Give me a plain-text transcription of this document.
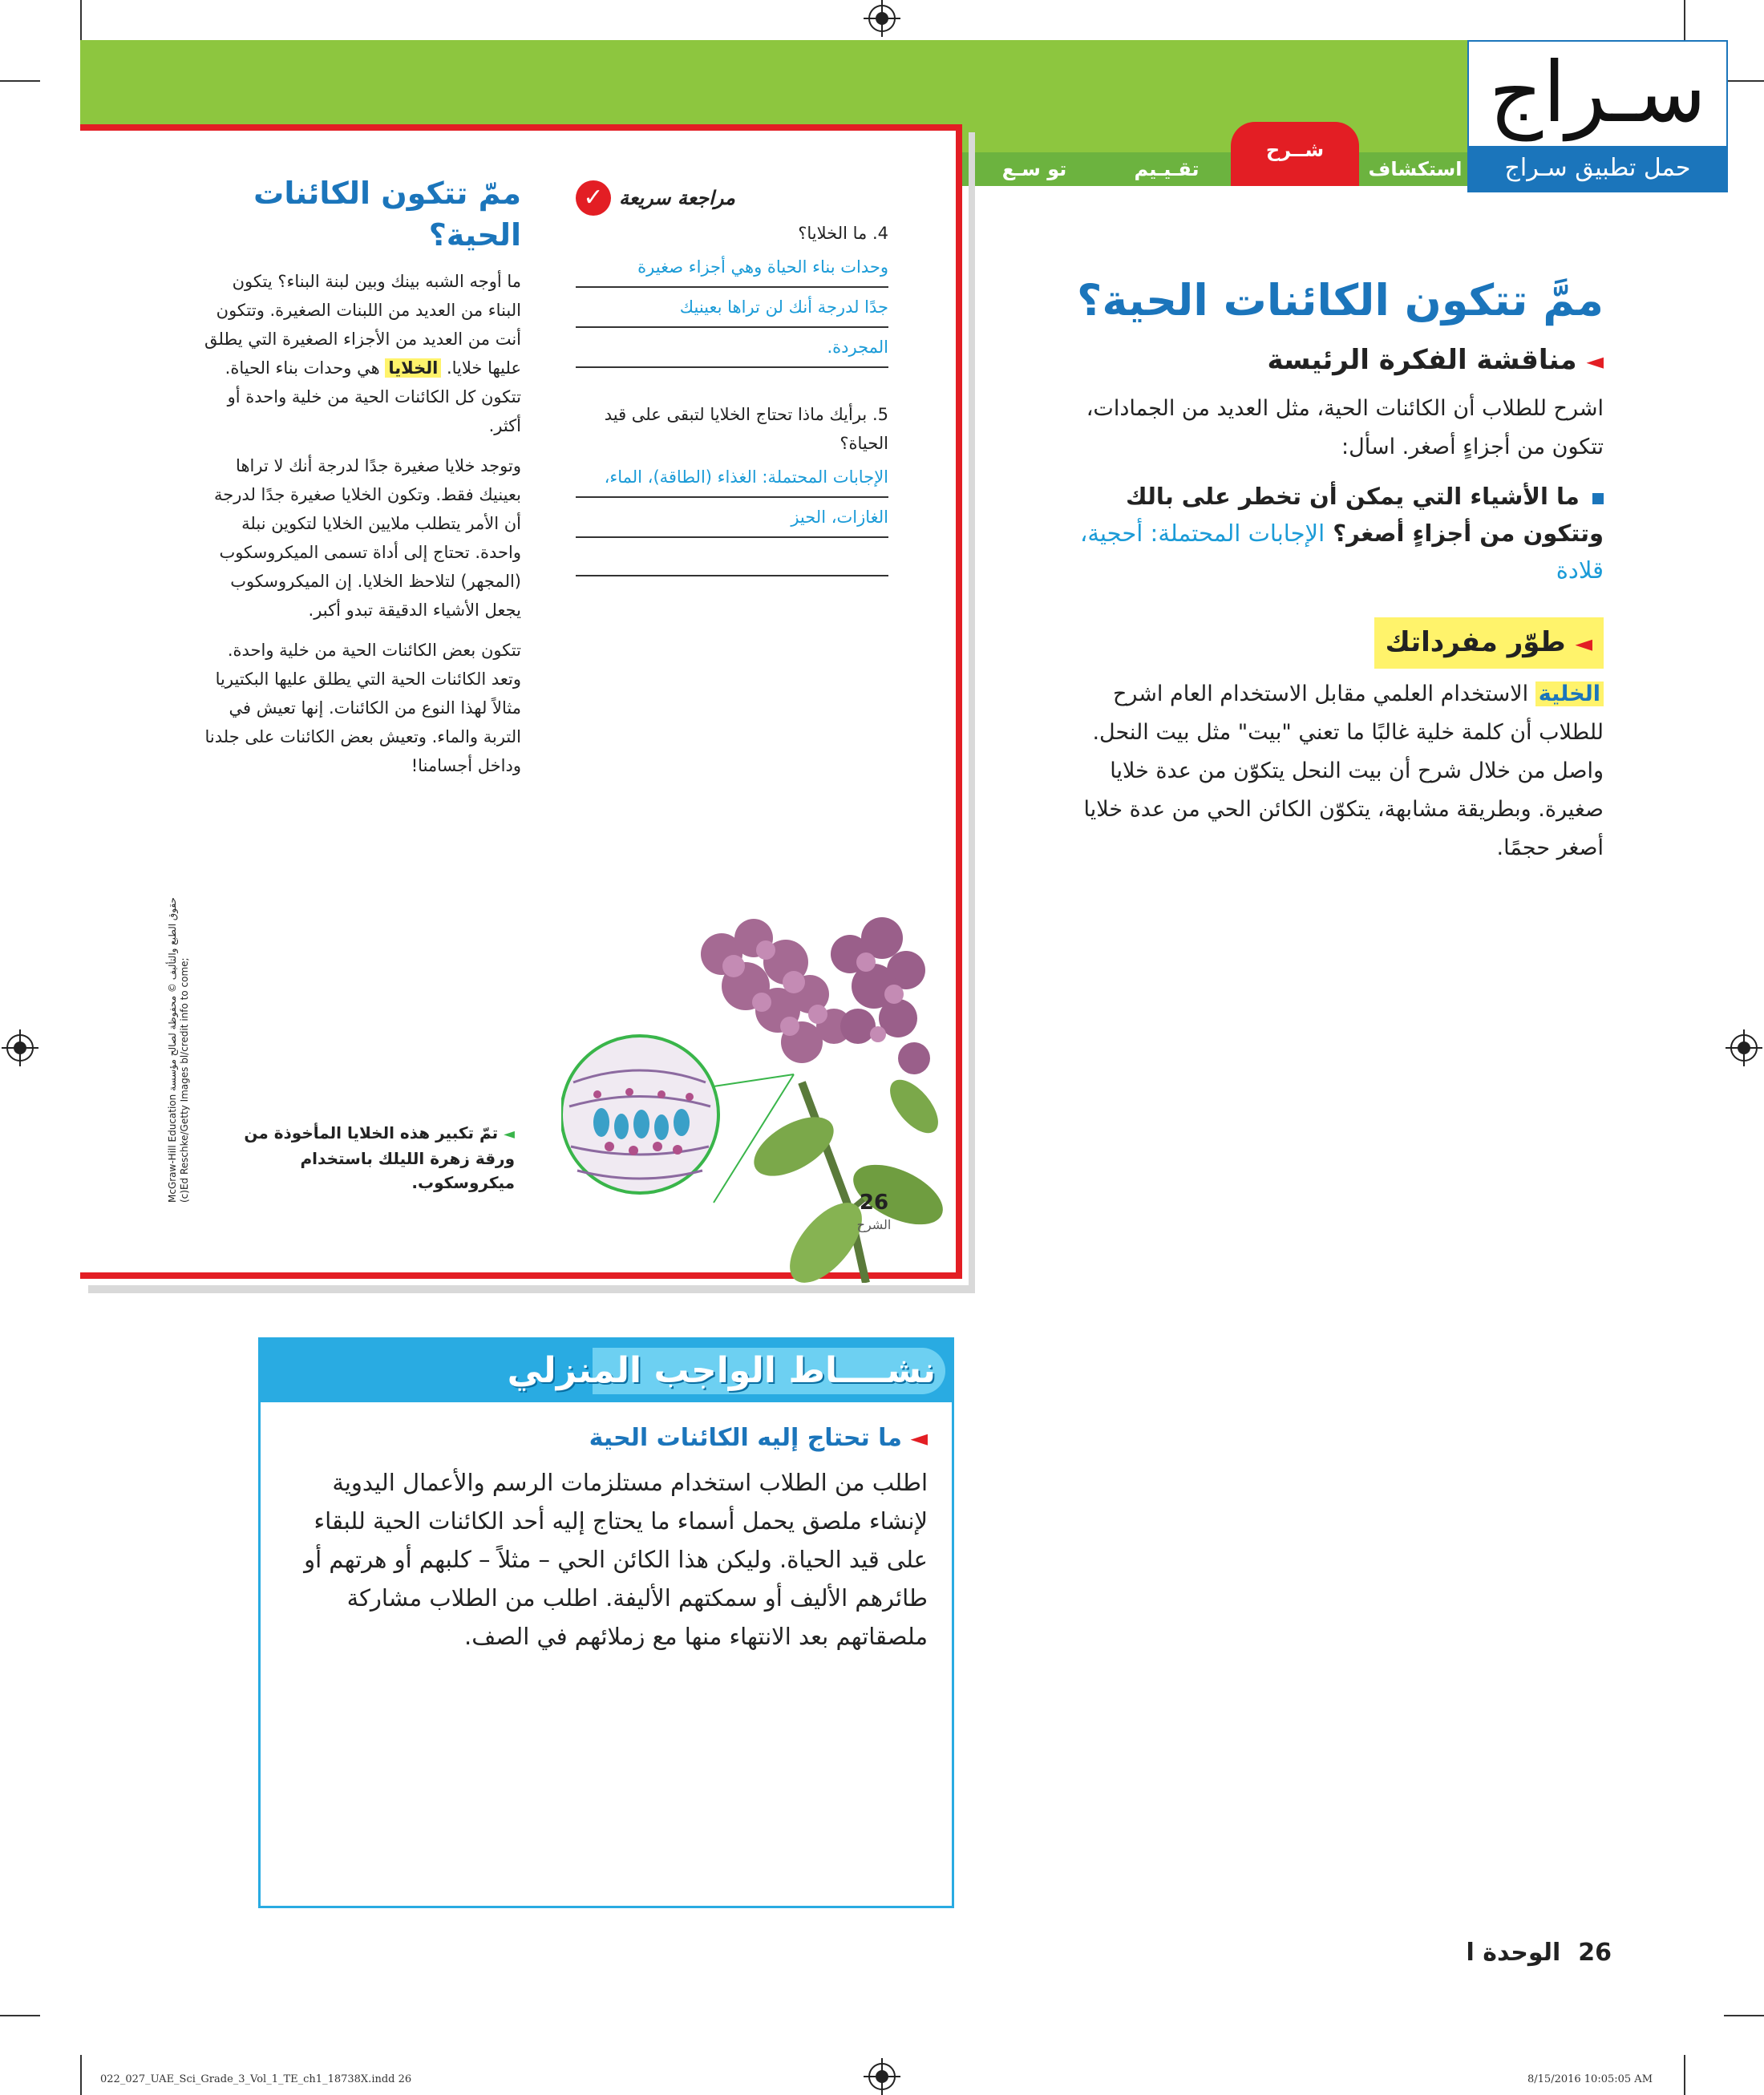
استكشاف
شــرح
تقـيـيم
تو سـع
سـراج
حمل تطبيق سـراج
ممّ تتكون الكائنات الحية؟

ما أوجه الشبه بينك وبين لبنة البناء؟ يتكون البناء من العديد من اللبنات الصغيرة. وتتكون أنت من العديد من الأجزاء الصغيرة التي يطلق عليها خلايا. الخلايا هي وحدات بناء الحياة. تتكون كل الكائنات الحية من خلية واحدة أو أكثر.

وتوجد خلايا صغيرة جدًا لدرجة أنك لا تراها بعينيك فقط. وتكون الخلايا صغيرة جدًا لدرجة أن الأمر يتطلب ملايين الخلايا لتكوين نبلة واحدة. تحتاج إلى أداة تسمى الميكروسكوب (المجهر) لتلاحظ الخلايا. إن الميكروسكوب يجعل الأشياء الدقيقة تبدو أكبر.

تتكون بعض الكائنات الحية من خلية واحدة. وتعد الكائنات الحية التي يطلق عليها البكتيريا مثالاً لهذا النوع من الكائنات. إنها تعيش في التربة والماء. وتعيش بعض الكائنات على جلدنا وداخل أجسامنا!

✓ مراجعة سريعة
4. ما الخلايا؟
وحدات بناء الحياة وهي أجزاء صغيرة
جدًا لدرجة أنك لن تراها بعينيك
المجردة.
5. برأيك ماذا تحتاج الخلايا لتبقى على قيد الحياة؟
الإجابات المحتملة: الغذاء (الطاقة)، الماء،
الغازات، الحيز
26
الشرح
◄ تمّ تكبير هذه الخلايا المأخوذة من ورقة زهرة الليلك باستخدام ميكروسكوب.
McGraw-Hill Education حقوق الطبع والتأليف © محفوظة لصالح مؤسسة (c)Ed Reschke/Getty Images bl/credit info to come;
ممَّ تتكون الكائنات الحية؟
◄ مناقشة الفكرة الرئيسة

اشرح للطلاب أن الكائنات الحية، مثل العديد من الجمادات، تتكون من أجزاءٍ أصغر. اسأل:

ما الأشياء التي يمكن أن تخطر على بالك وتتكون من أجزاءٍ أصغر؟ الإجابات المحتملة: أحجية، قلادة
◄ طوّر مفرداتك

الخلية الاستخدام العلمي مقابل الاستخدام العام اشرح للطلاب أن كلمة خلية غالبًا ما تعني "بيت" مثل بيت النحل. واصل من خلال شرح أن بيت النحل يتكوّن من عدة خلايا صغيرة. وبطريقة مشابهة، يتكوّن الكائن الحي من عدة خلايا أصغر حجمًا.

نشــــاط الواجب المنزلي
◄ ما تحتاج إليه الكائنات الحية

اطلب من الطلاب استخدام مستلزمات الرسم والأعمال اليدوية لإنشاء ملصق يحمل أسماء ما يحتاج إليه أحد الكائنات الحية للبقاء على قيد الحياة. وليكن هذا الكائن الحي – مثلاً – كلبهم أو هرتهم أو طائرهم الأليف أو سمكتهم الأليفة. اطلب من الطلاب مشاركة ملصقاتهم بعد الانتهاء منها مع زملائهم في الصف.

26
الوحدة ا
022_027_UAE_Sci_Grade_3_Vol_1_TE_ch1_18738X.indd 26	8/15/2016 10:05:05 AM
